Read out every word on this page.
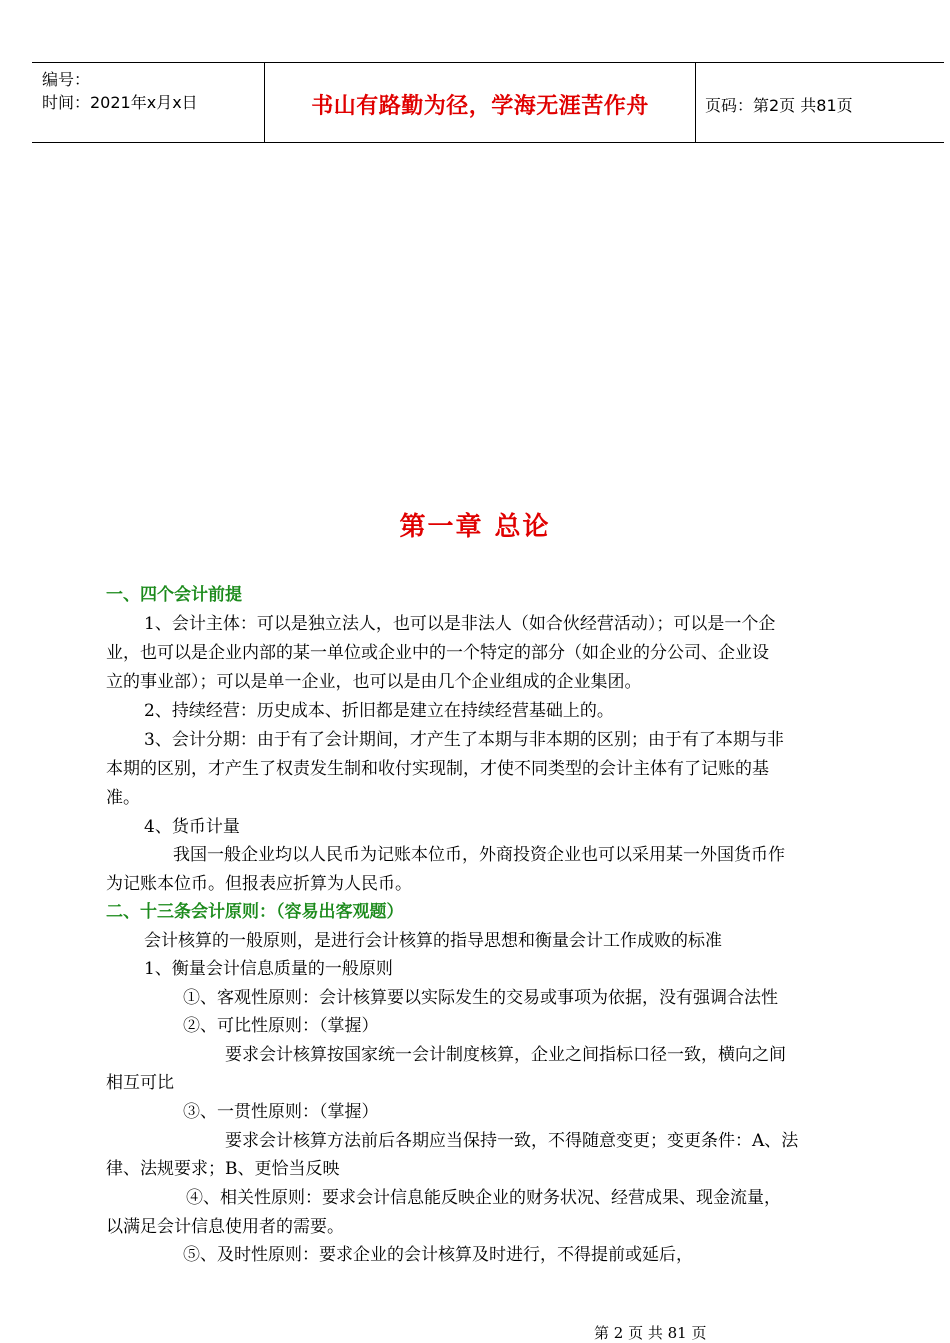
编号：
时间：2021年x月x日	书山有路勤为径，学海无涯苦作舟	页码：第2页 共81页
第一章 总论
一、四个会计前提
1、会计主体：可以是独立法人，也可以是非法人（如合伙经营活动）；可以是一个企
业，也可以是企业内部的某一单位或企业中的一个特定的部分（如企业的分公司、企业设
立的事业部）；可以是单一企业，也可以是由几个企业组成的企业集团。
2、持续经营：历史成本、折旧都是建立在持续经营基础上的。
3、会计分期：由于有了会计期间，才产生了本期与非本期的区别；由于有了本期与非
本期的区别，才产生了权责发生制和收付实现制，才使不同类型的会计主体有了记账的基
准。
4、货币计量
我国一般企业均以人民币为记账本位币，外商投资企业也可以采用某一外国货币作
为记账本位币。但报表应折算为人民币。
二、十三条会计原则：（容易出客观题）
会计核算的一般原则，是进行会计核算的指导思想和衡量会计工作成败的标准
1、衡量会计信息质量的一般原则
①、客观性原则：会计核算要以实际发生的交易或事项为依据，没有强调合法性
②、可比性原则：（掌握）
要求会计核算按国家统一会计制度核算，企业之间指标口径一致，横向之间
相互可比
③、一贯性原则：（掌握）
要求会计核算方法前后各期应当保持一致，不得随意变更；变更条件：A、法
律、法规要求；B、更恰当反映
④、相关性原则：要求会计信息能反映企业的财务状况、经营成果、现金流量，
以满足会计信息使用者的需要。
⑤、及时性原则：要求企业的会计核算及时进行，不得提前或延后，
第 2 页 共 81 页
